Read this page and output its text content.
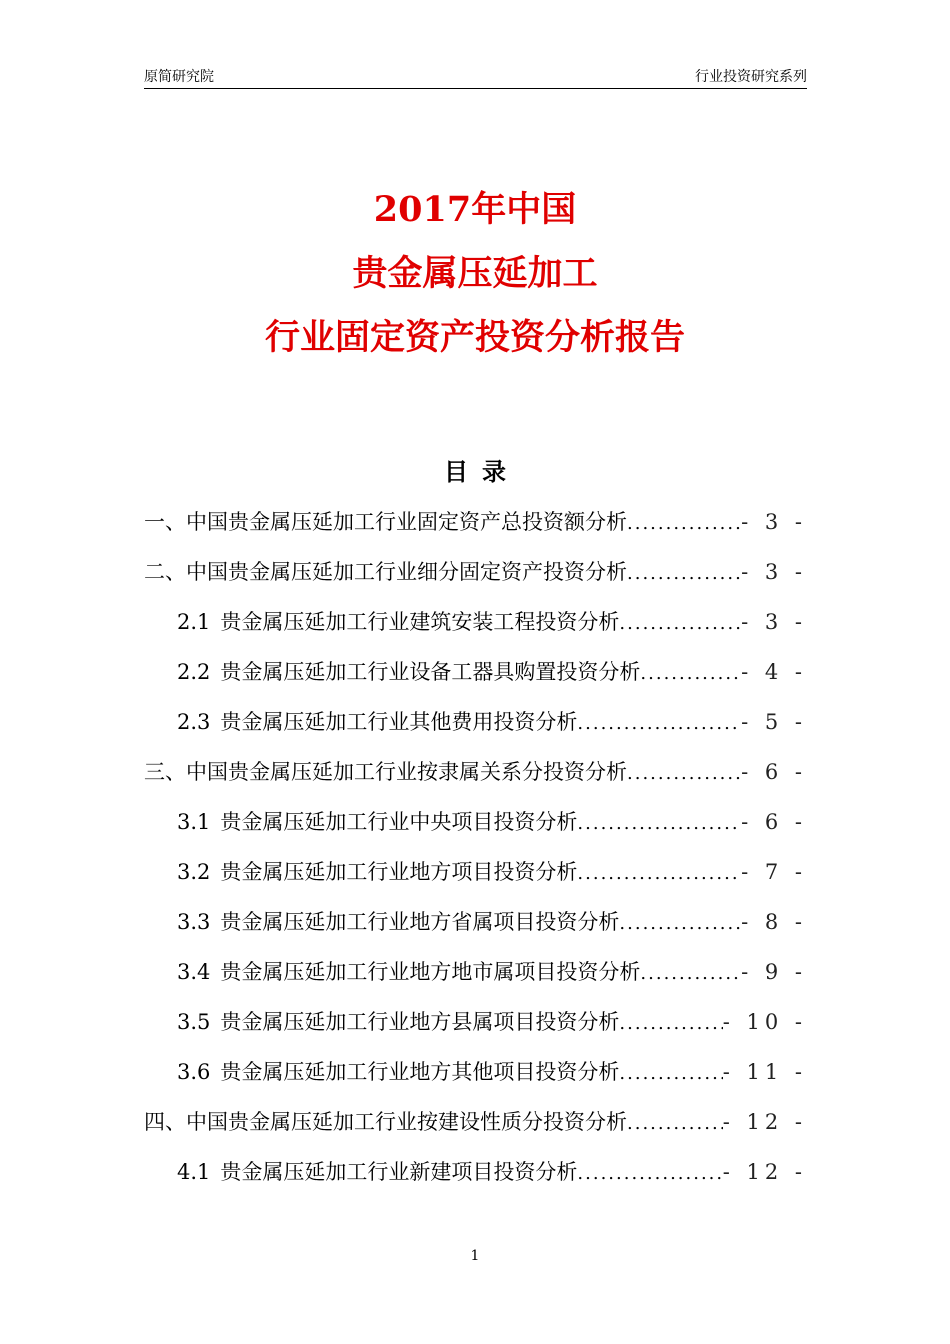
原简研究院	行业投资研究系列
2017年中国
贵金属压延加工
行业固定资产投资分析报告
目录
一、中国贵金属压延加工行业固定资产总投资额分析 .....	- 3 -
二、中国贵金属压延加工行业细分固定资产投资分析 .....	- 3 -
2.1 贵金属压延加工行业建筑安装工程投资分析 .....	- 3 -
2.2 贵金属压延加工行业设备工器具购置投资分析 .....	- 4 -
2.3 贵金属压延加工行业其他费用投资分析 .....	- 5 -
三、中国贵金属压延加工行业按隶属关系分投资分析 .....	- 6 -
3.1 贵金属压延加工行业中央项目投资分析 .....	- 6 -
3.2 贵金属压延加工行业地方项目投资分析 .....	- 7 -
3.3 贵金属压延加工行业地方省属项目投资分析 .....	- 8 -
3.4 贵金属压延加工行业地方地市属项目投资分析 .....	- 9 -
3.5 贵金属压延加工行业地方县属项目投资分析 .....	- 10 -
3.6 贵金属压延加工行业地方其他项目投资分析 .....	- 11 -
四、中国贵金属压延加工行业按建设性质分投资分析 .....	- 12 -
4.1 贵金属压延加工行业新建项目投资分析 .....	- 12 -
1
